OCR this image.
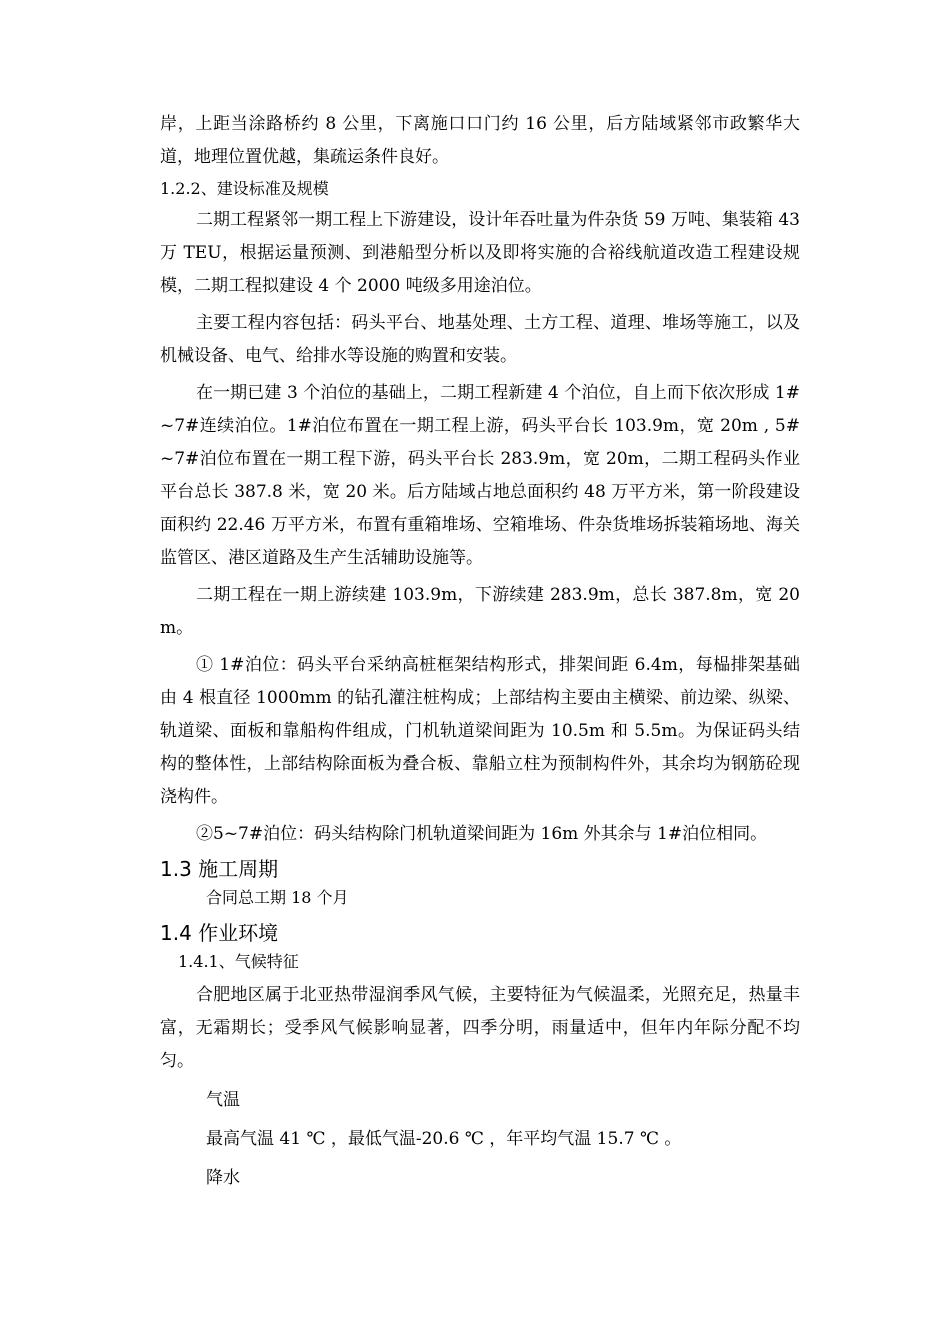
岸，上距当涂路桥约 8 公里，下离施口口门约 16 公里，后方陆域紧邻市政繁华大道，地理位置优越，集疏运条件良好。

1.2.2、建设标准及规模

二期工程紧邻一期工程上下游建设，设计年吞吐量为件杂货 59 万吨、集装箱 43 万 TEU，根据运量预测、到港船型分析以及即将实施的合裕线航道改造工程建设规模，二期工程拟建设 4 个 2000 吨级多用途泊位。

主要工程内容包括：码头平台、地基处理、土方工程、道理、堆场等施工，以及机械设备、电气、给排水等设施的购置和安装。

在一期已建 3 个泊位的基础上，二期工程新建 4 个泊位，自上而下依次形成 1#~7#连续泊位。1#泊位布置在一期工程上游，码头平台长 103.9m，宽 20m , 5#~7#泊位布置在一期工程下游，码头平台长 283.9m，宽 20m，二期工程码头作业平台总长 387.8 米，宽 20 米。后方陆域占地总面积约 48 万平方米，第一阶段建设面积约 22.46 万平方米，布置有重箱堆场、空箱堆场、件杂货堆场拆装箱场地、海关监管区、港区道路及生产生活辅助设施等。

二期工程在一期上游续建 103.9m，下游续建 283.9m，总长 387.8m，宽 20m。

① 1#泊位：码头平台采纳高桩框架结构形式，排架间距 6.4m，每榀排架基础由 4 根直径 1000mm 的钻孔灌注桩构成；上部结构主要由主横梁、前边梁、纵梁、轨道梁、面板和靠船构件组成，门机轨道梁间距为 10.5m 和 5.5m。为保证码头结构的整体性，上部结构除面板为叠合板、靠船立柱为预制构件外，其余均为钢筋砼现浇构件。

②5~7#泊位：码头结构除门机轨道梁间距为 16m 外其余与 1#泊位相同。

1.3 施工周期

合同总工期 18 个月

1.4 作业环境

1.4.1、气候特征

合肥地区属于北亚热带湿润季风气候，主要特征为气候温柔，光照充足，热量丰富，无霜期长；受季风气候影响显著，四季分明，雨量适中，但年内年际分配不均匀。

气温

最高气温 41 ℃ ，最低气温-20.6 ℃ ，年平均气温 15.7 ℃ 。

降水
